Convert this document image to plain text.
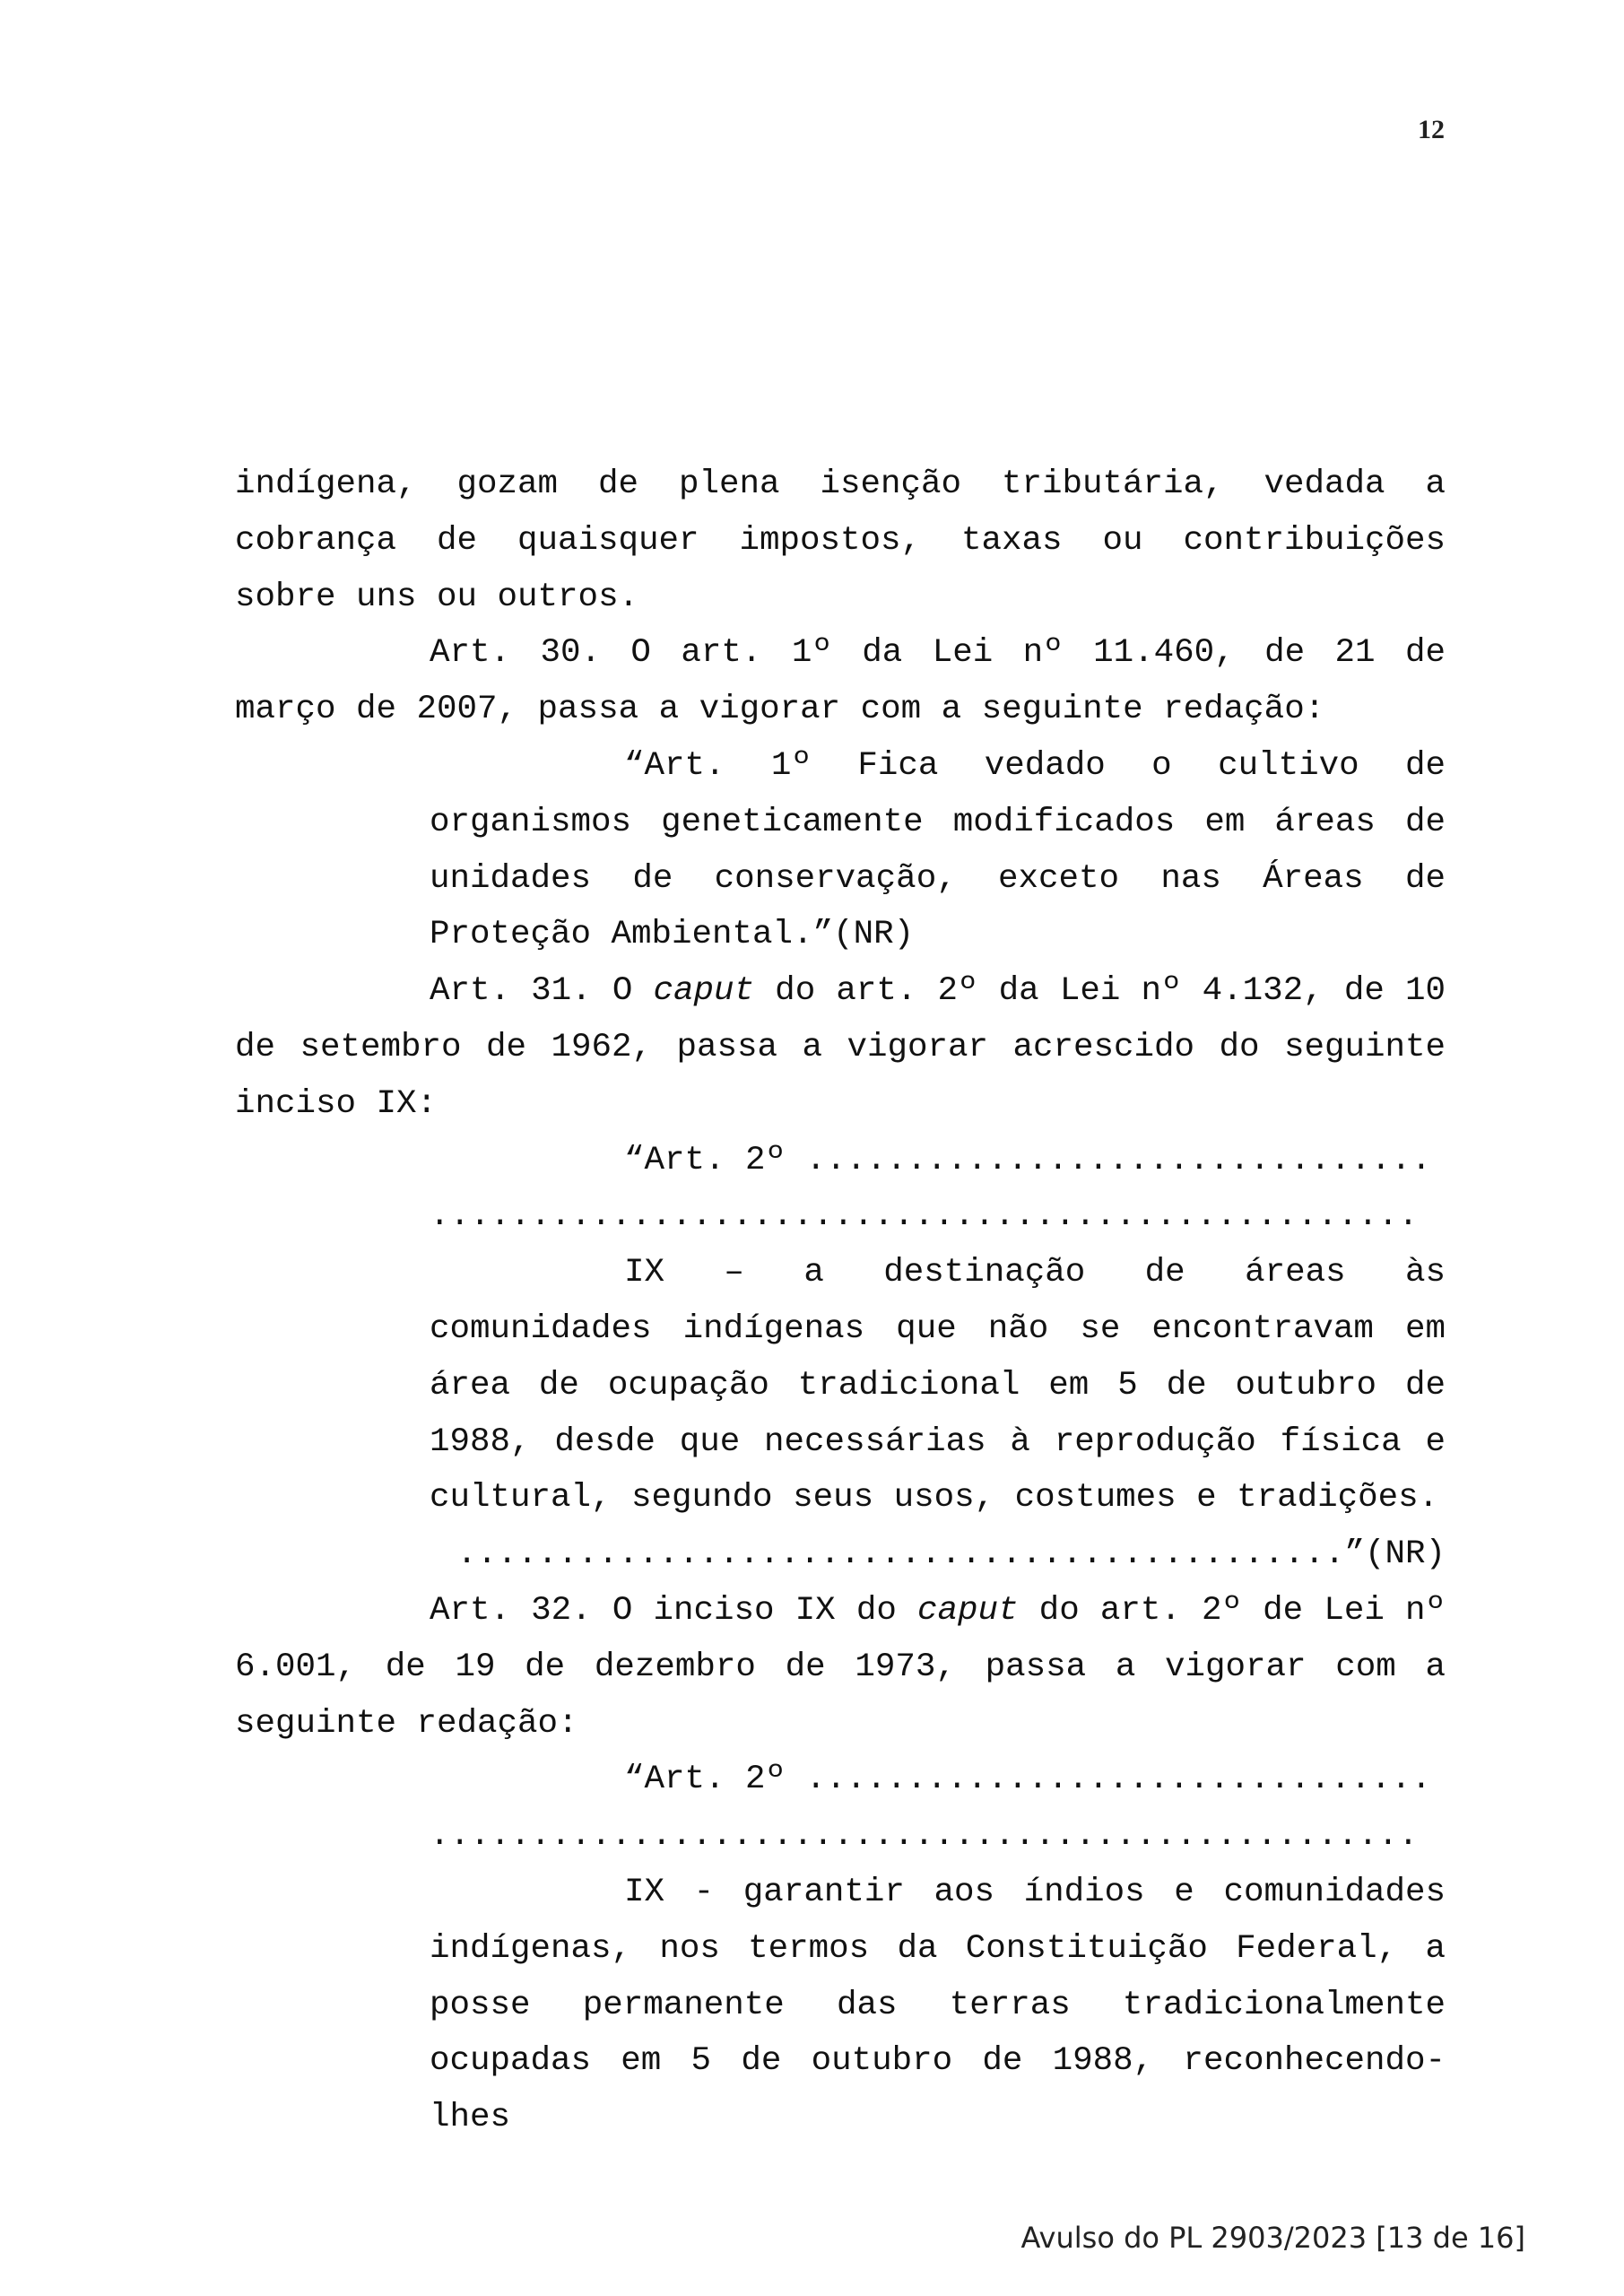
12

indígena, gozam de plena isenção tributária, vedada a cobrança de quaisquer impostos, taxas ou contribuições sobre uns ou outros.

Art. 30. O art. 1º da Lei nº 11.460, de 21 de março de 2007, passa a vigorar com a seguinte redação:

“Art. 1º Fica vedado o cultivo de organismos geneticamente modificados em áreas de unidades de conservação, exceto nas Áreas de Proteção Ambiental.”(NR)

Art. 31. O caput do art. 2º da Lei nº 4.132, de 10 de setembro de 1962, passa a vigorar acrescido do seguinte inciso IX:

“Art. 2º ...............................

.................................................

IX – a destinação de áreas às comunidades indígenas que não se encontravam em área de ocupação tradicional em 5 de outubro de 1988, desde que necessárias à reprodução física e cultural, segundo seus usos, costumes e tradições.

............................................”(NR)

Art. 32. O inciso IX do caput do art. 2º de Lei nº 6.001, de 19 de dezembro de 1973, passa a vigorar com a seguinte redação:

“Art. 2º ...............................

.................................................

IX - garantir aos índios e comunidades indígenas, nos termos da Constituição Federal, a posse permanente das terras tradicionalmente ocupadas em 5 de outubro de 1988, reconhecendo-lhes

Avulso do PL 2903/2023 [13 de 16]
